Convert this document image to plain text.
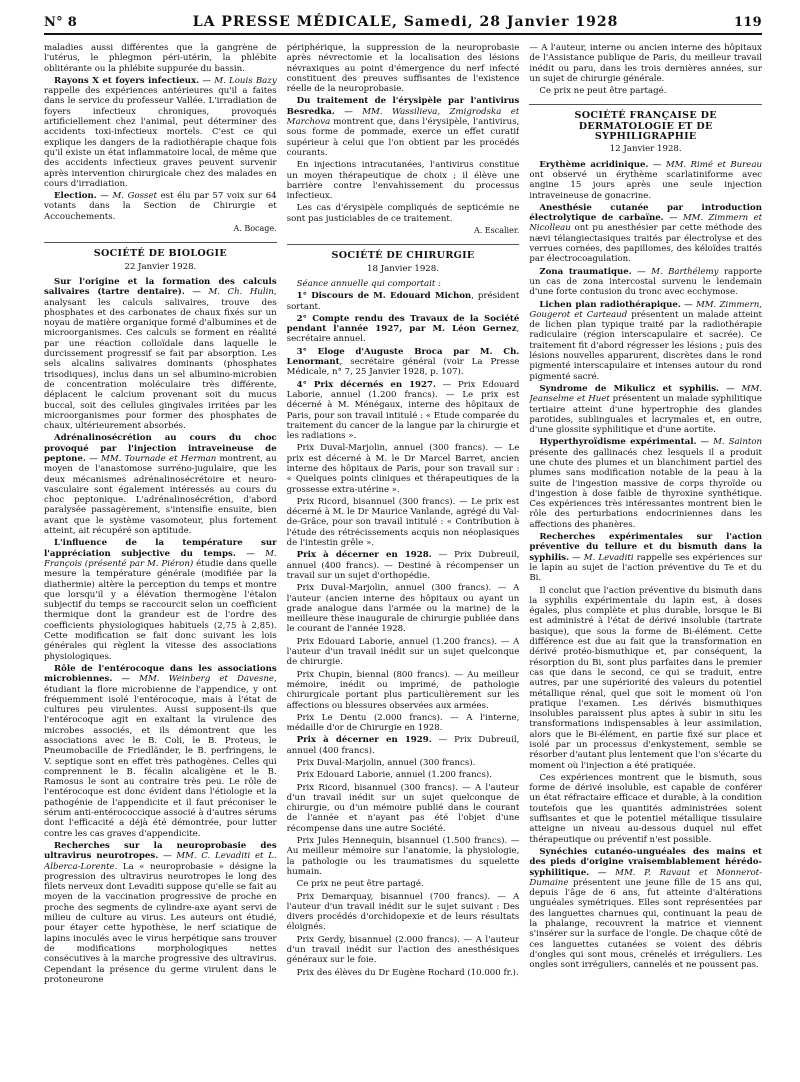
N° 8	LA PRESSE MÉDICALE, Samedi, 28 Janvier 1928	119

maladies aussi différentes que la gangrène de l'utérus, le phlegmon péri-utérin, la phlébite oblitérante ou la phlébite suppurée du bassin.

Rayons X et foyers infectieux. — M. Louis Bazy rappelle des expériences antérieures qu'il a faites dans le service du professeur Vallée. L'irradiation de foyers infectieux chroniques, provoqués artificiellement chez l'animal, peut déterminer des accidents toxi-infectieux mortels. C'est ce qui explique les dangers de la radiothérapie chaque fois qu'il existe un état inflammatoire local, de même que des accidents infectieux graves peuvent survenir après intervention chirurgicale chez des malades en cours d'irradiation.

Election. — M. Gosset est élu par 57 voix sur 64 votants dans la Section de Chirurgie et Accouchements.

A. Bocage.
SOCIÉTÉ DE BIOLOGIE
22 Janvier 1928.

Sur l'origine et la formation des calculs salivaires (tartre dentaire). — M. Ch. Hulin, analysant les calculs salivaires, trouve des phosphates et des carbonates de chaux fixés sur un noyau de matière organique formé d'albumines et de microorganismes. Ces calculs se forment en réalité par une réaction colloïdale dans laquelle le durcissement progressif se fait par absorption. Les sels alcalins salivaires dominants (phosphates trisodiques), inclus dans un sel albumino-microbien de concentration moléculaire très différente, déplacent le calcium provenant soit du mucus buccal, soit des cellules gingivales irritées par les microorganismes pour former des phosphates de chaux, ultérieurement absorbés.

Adrénalinosécrétion au cours du choc provoqué par l'injection intraveineuse de peptone. — MM. Tournade et Herman montrent, au moyen de l'anastomose surréno-jugulaire, que les deux mécanismes adrénalinosécrétoire et neuro-vasculaire sont également intéressés au cours du choc peptonique. L'adrénalinosécrétion, d'abord paralysée passagèrement, s'intensifie ensuite, bien avant que le système vasomoteur, plus fortement atteint, ait récupéré son aptitude.

L'influence de la température sur l'appréciation subjective du temps. — M. François (présenté par M. Piéron) étudie dans quelle mesure la température générale (modifiée par la diathermie) altère la perception du temps et montre que lorsqu'il y a élévation thermogène l'étalon subjectif du temps se raccourcit selon un coefficient thermique dont la grandeur est de l'ordre des coefficients physiologiques habituels (2,75 à 2,85). Cette modification se fait donc suivant les lois générales qui règlent la vitesse des associations physiologiques.

Rôle de l'entérocoque dans les associations microbiennes. — MM. Weinberg et Davesne, étudiant la flore microbienne de l'appendice, y ont fréquemment isolé l'entérocoque, mais à l'état de cultures peu virulentes. Aussi supposent-ils que l'entérocoque agit en exaltant la virulence des microbes associés, et ils démontrent que les associations avec le B. Coli, le B. Proteus, le Pneumobacille de Friedländer, le B. perfringens, le V. septique sont en effet très pathogènes. Celles qui comprennent le B. fécalin alcaligène et le B. Ramosus le sont au contraire très peu. Le rôle de l'entérocoque est donc évident dans l'étiologie et la pathogénie de l'appendicite et il faut préconiser le sérum anti-entérococcique associé à d'autres sérums dont l'efficacité a déjà été démontrée, pour lutter contre les cas graves d'appendicite.

Recherches sur la neuroprobasie des ultravirus neurotropes. — MM. C. Levaditi et L. Alberca-Lorente. La « neuroprobasie » désigne la progression des ultravirus neurotropes le long des filets nerveux dont Levaditi suppose qu'elle se fait au moyen de la vaccination progressive de proche en proche des segments de cylindre-axe ayant servi de milieu de culture au virus. Les auteurs ont étudié, pour étayer cette hypothèse, le nerf sciatique de lapins inoculés avec le virus herpétique sans trouver de modifications morphologiques nettes consécutives à la marche progressive des ultravirus. Cependant la présence du germe virulent dans le protoneurone

périphérique, la suppression de la neuroprobasie après névrectomie et la localisation des lésions névraxiques au point d'émergence du nerf infecté constituent des preuves suffisantes de l'existence réelle de la neuroprobasie.

Du traitement de l'érysipèle par l'antivirus Besredka. — MM. Wassilieva, Zmigrodska et Marchova montrent que, dans l'érysipèle, l'antivirus, sous forme de pommade, exerce un effet curatif supérieur à celui que l'on obtient par les procédés courants.

En injections intracutanées, l'antivirus constitue un moyen thérapeutique de choix ; il élève une barrière contre l'envahissement du processus infectieux.

Les cas d'érysipèle compliqués de septicémie ne sont pas justiciables de ce traitement.

A. Escalier.
SOCIÉTÉ DE CHIRURGIE
18 Janvier 1928.

Séance annuelle qui comportait :

1° Discours de M. Edouard Michon, président sortant.

2° Compte rendu des Travaux de la Société pendant l'année 1927, par M. Léon Gernez, secrétaire annuel.

3° Eloge d'Auguste Broca par M. Ch. Lenormant, secrétaire général (voir La Presse Médicale, n° 7, 25 Janvier 1928, p. 107).

4° Prix décernés en 1927. — Prix Edouard Laborie, annuel (1.200 francs). — Le prix est décerné à M. Ménégaux, interne des hôpitaux de Paris, pour son travail intitulé : « Etude comparée du traitement du cancer de la langue par la chirurgie et les radiations ».

Prix Duval-Marjolin, annuel (300 francs). — Le prix est décerné à M. le Dr Marcel Barret, ancien interne des hôpitaux de Paris, pour son travail sur : « Quelques points cliniques et thérapeutiques de la grossesse extra-utérine ».

Prix Ricord, bisannuel (300 francs). — Le prix est décerné à M. le Dr Maurice Vanlande, agrégé du Val-de-Grâce, pour son travail intitulé : « Contribution à l'étude des rétrécissements acquis non néoplasiques de l'intestin grêle ».

Prix à décerner en 1928. — Prix Dubreuil, annuel (400 francs). — Destiné à récompenser un travail sur un sujet d'orthopédie.

Prix Duval-Marjolin, annuel (300 francs). — A l'auteur (ancien interne des hôpitaux ou ayant un grade analogue dans l'armée ou la marine) de la meilleure thèse inaugurale de chirurgie publiée dans le courant de l'année 1928.

Prix Edouard Laborie, annuel (1.200 francs). — A l'auteur d'un travail inédit sur un sujet quelconque de chirurgie.

Prix Chupin, biennal (800 francs). — Au meilleur mémoire, inédit ou imprimé, de pathologie chirurgicale portant plus particulièrement sur les affections ou blessures observées aux armées.

Prix Le Dentu (2.000 francs). — A l'interne, médaille d'or de Chirurgie en 1928.

Prix à décerner en 1929. — Prix Dubreuil, annuel (400 francs).

Prix Duval-Marjolin, annuel (300 francs).

Prix Edouard Laborie, annuel (1.200 francs).

Prix Ricord, bisannuel (300 francs). — A l'auteur d'un travail inédit sur un sujet quelconque de chirurgie, ou d'un mémoire publié dans le courant de l'année et n'ayant pas été l'objet d'une récompense dans une autre Société.

Prix Jules Hennequin, bisannuel (1.500 francs). — Au meilleur mémoire sur l'anatomie, la physiologie, la pathologie ou les traumatismes du squelette humain.

Ce prix ne peut être partagé.

Prix Demarquay, bisannuel (700 francs). — A l'auteur d'un travail inédit sur le sujet suivant : Des divers procédés d'orchidopexie et de leurs résultats éloignés.

Prix Gerdy, bisannuel (2.000 francs). — A l'auteur d'un travail inédit sur l'action des anesthésiques généraux sur le foie.

Prix des élèves du Dr Eugène Rochard (10.000 fr.).

— A l'auteur, interne ou ancien interne des hôpitaux de l'Assistance publique de Paris, du meilleur travail inédit ou paru, dans les trois dernières années, sur un sujet de chirurgie générale.

Ce prix ne peut être partagé.

SOCIÉTÉ FRANÇAISE DE DERMATOLOGIE ET DE SYPHILIGRAPHIE
12 Janvier 1928.

Erythème acridinique. — MM. Rimé et Bureau ont observé un érythème scarlatiniforme avec angine 15 jours après une seule injection intraveineuse de gonacrine.

Anesthésie cutanée par introduction électrolytique de carbaïne. — MM. Zimmern et Nicolleau ont pu anesthésier par cette méthode des nævi télangiectasiques traités par électrolyse et des verrues cornées, des papillomes, des kéloïdes traités par électrocoagulation.

Zona traumatique. — M. Barthélemy rapporte un cas de zona intercostal survenu le lendemain d'une forte contusion du tronc avec ecchymose.

Lichen plan radiothérapique. — MM. Zimmern, Gougerot et Carteaud présentent un malade atteint de lichen plan typique traité par la radiothérapie radiculaire (région interscapulaire et sacrée). Ce traitement fit d'abord régresser les lésions ; puis des lésions nouvelles apparurent, discrètes dans le rond pigmenté interscapulaire et intenses autour du rond pigmenté sacré.

Syndrome de Mikulicz et syphilis. — MM. Jeanselme et Huet présentent un malade syphilitique tertiaire atteint d'une hypertrophie des glandes parotides, sublinguales et lacrymales et, en outre, d'une glossite syphilitique et d'une aortite.

Hyperthyroïdisme expérimental. — M. Sainton présente des gallinacés chez lesquels il a produit une chute des plumes et un blanchiment partiel des plumes sans modification notable de la peau à la suite de l'ingestion massive de corps thyroïde ou d'ingestion à dose faible de thyroxine synthétique. Ces expériences très intéressantes montrent bien le rôle des perturbations endocriniennes dans les affections des phanères.

Recherches expérimentales sur l'action préventive du tellure et du bismuth dans la syphilis. — M. Levaditi rappelle ses expériences sur le lapin au sujet de l'action préventive du Te et du Bi.

Il conclut que l'action préventive du bismuth dans la syphilis expérimentale du lapin est, à doses égales, plus complète et plus durable, lorsque le Bi est administré à l'état de dérivé insoluble (tartrate basique), que sous la forme de Bi-élément. Cette différence est due au fait que la transformation en dérivé protéo-bismuthique et, par conséquent, la résorption du Bi, sont plus parfaites dans le premier cas que dans le second, ce qui se traduit, entre autres, par une supériorité des valeurs du potentiel métallique rénal, quel que soit le moment où l'on pratique l'examen. Les dérivés bismuthiques insolubles paraissent plus aptes à subir in situ les transformations indispensables à leur assimilation, alors que le Bi-élément, en partie fixé sur place et isolé par un processus d'enkystement, semble se résorber d'autant plus lentement que l'on s'écarte du moment où l'injection a été pratiquée.

Ces expériences montrent que le bismuth, sous forme de dérivé insoluble, est capable de conférer un état réfractaire efficace et durable, à la condition toutefois que les quantités administrées soient suffisantes et que le potentiel métallique tissulaire atteigne un niveau au-dessous duquel nul effet thérapeutique ou préventif n'est possible.

Synéchies cutanéo-unguéales des mains et des pieds d'origine vraisemblablement hérédo-syphilitique. — MM. P. Ravaut et Monnerot-Dumaine présentent une jeune fille de 15 ans qui, depuis l'âge de 6 ans, fut atteinte d'altérations unguéales symétriques. Elles sont représentées par des languettes charnues qui, continuant la peau de la phalange, recouvrent la matrice et viennent s'insérer sur la surface de l'ongle. De chaque côté de ces languettes cutanées se voient des débris d'ongles qui sont mous, crénelés et irréguliers. Les ongles sont irréguliers, cannelés et ne poussent pas.
